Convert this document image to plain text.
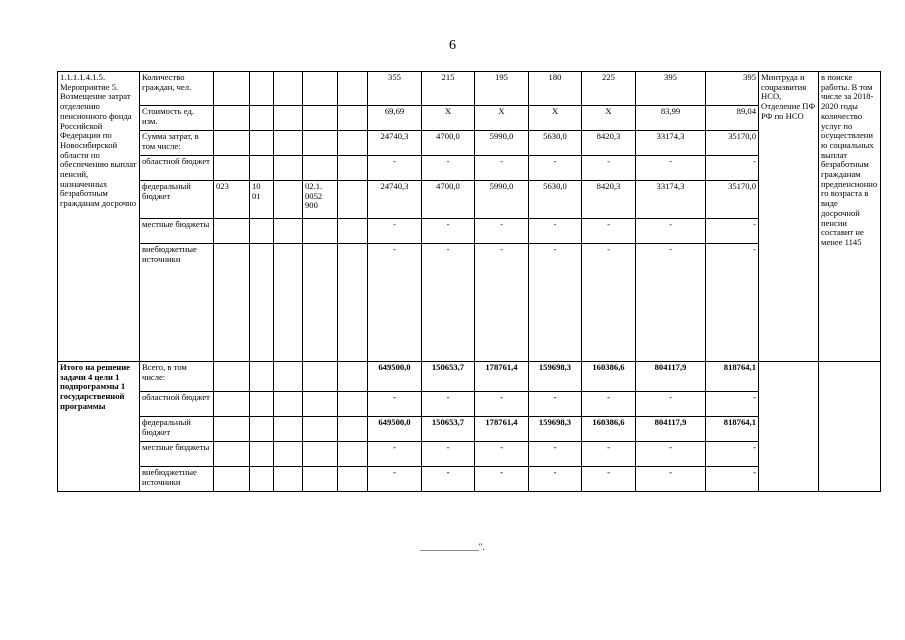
6
1.1.1.1.4.1.5. Мероприятие 5. Возмещение затрат отделению пенсионного фонда Российской Федерации по Новосибирской области по обеспечению выплат пенсий, назначенных безработным гражданам досрочно	Количество граждан, чел.						355	215	195	180	225	395	395	Минтруда и соцразвития НСО, Отделение ПФ РФ по НСО	в поиске работы. В том числе за 2018-2020 годы количество услуг по осуществлению социальных выплат безработным гражданам предпенсионного возраста в виде досрочной пенсии составит не менее 1145
	Стоимость ед. изм.						69,69	Х	Х	Х	Х	83,99	89,04		
	Сумма затрат, в том числе:						24740,3	4700,0	5990,0	5630,0	8420,3	33174,3	35170,0		
	областной бюджет						-	-	-	-	-	-	-		
	федеральный бюджет	023	10 01		02.1. 0052 900		24740,3	4700,0	5990,0	5630,0	8420,3	33174,3	35170,0		
	местные бюджеты						-	-	-	-	-	-	-		
	внебюджетные источники						-	-	-	-	-	-	-		
Итого на решение задачи 4 цели 1 подпрограммы 1 государственной программы	Всего, в том числе:						649500,0	150653,7	178761,4	159698,3	160386,6	804117,9	818764,1		
	областной бюджет						-	-	-	-	-	-	-		
	федеральный бюджет						649500,0	150653,7	178761,4	159698,3	160386,6	804117,9	818764,1		
	местные бюджеты						-	-	-	-	-	-	-		
	внебюджетные источники						-	-	-	-	-	-	-		
_____________".
